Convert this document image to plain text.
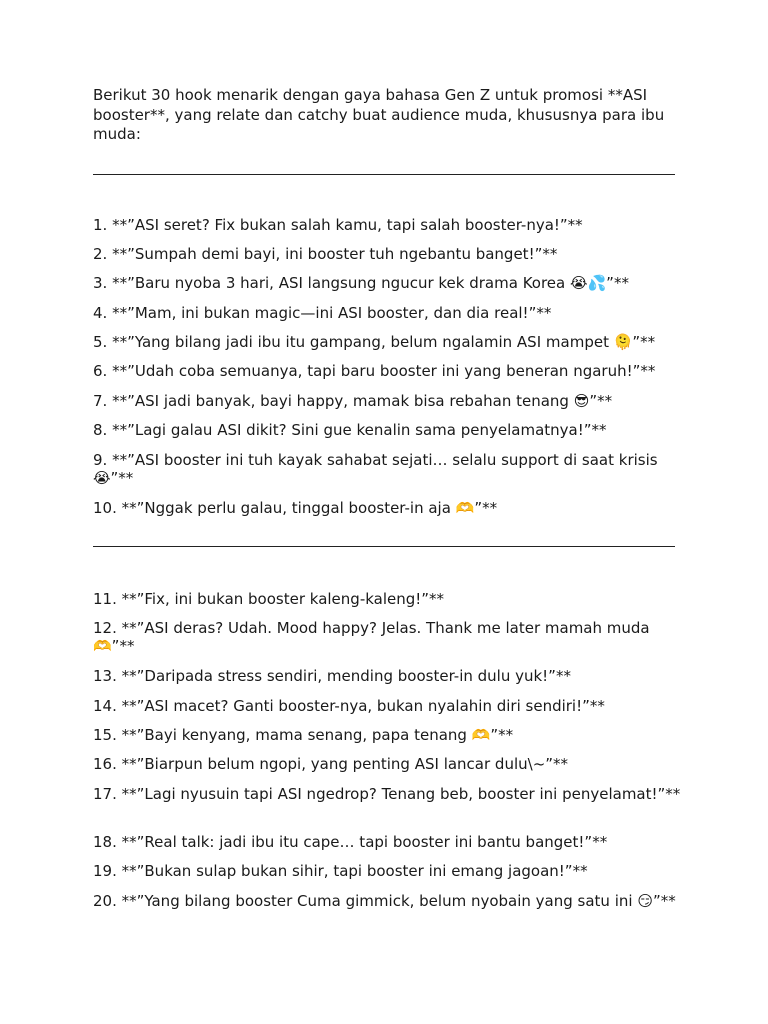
Berikut 30 hook menarik dengan gaya bahasa Gen Z untuk promosi **ASI booster**, yang relate dan catchy buat audience muda, khususnya para ibu muda:
1. **”ASI seret? Fix bukan salah kamu, tapi salah booster-nya!”**
2. **”Sumpah demi bayi, ini booster tuh ngebantu banget!”**
3. **”Baru nyoba 3 hari, ASI langsung ngucur kek drama Korea 😭💦”**
4. **”Mam, ini bukan magic—ini ASI booster, dan dia real!”**
5. **”Yang bilang jadi ibu itu gampang, belum ngalamin ASI mampet 🫠”**
6. **”Udah coba semuanya, tapi baru booster ini yang beneran ngaruh!”**
7. **”ASI jadi banyak, bayi happy, mamak bisa rebahan tenang 😎”**
8. **”Lagi galau ASI dikit? Sini gue kenalin sama penyelamatnya!”**
9. **”ASI booster ini tuh kayak sahabat sejati… selalu support di saat krisis 😭”**
10. **”Nggak perlu galau, tinggal booster-in aja 🫶”**
11. **”Fix, ini bukan booster kaleng-kaleng!”**
12. **”ASI deras? Udah. Mood happy? Jelas. Thank me later mamah muda 🫶”**
13. **”Daripada stress sendiri, mending booster-in dulu yuk!”**
14. **”ASI macet? Ganti booster-nya, bukan nyalahin diri sendiri!”**
15. **”Bayi kenyang, mama senang, papa tenang 🫶”**
16. **”Biarpun belum ngopi, yang penting ASI lancar dulu\~”**
17. **”Lagi nyusuin tapi ASI ngedrop? Tenang beb, booster ini penyelamat!”**
18. **”Real talk: jadi ibu itu cape… tapi booster ini bantu banget!”**
19. **”Bukan sulap bukan sihir, tapi booster ini emang jagoan!”**
20. **”Yang bilang booster Cuma gimmick, belum nyobain yang satu ini 😏”**
